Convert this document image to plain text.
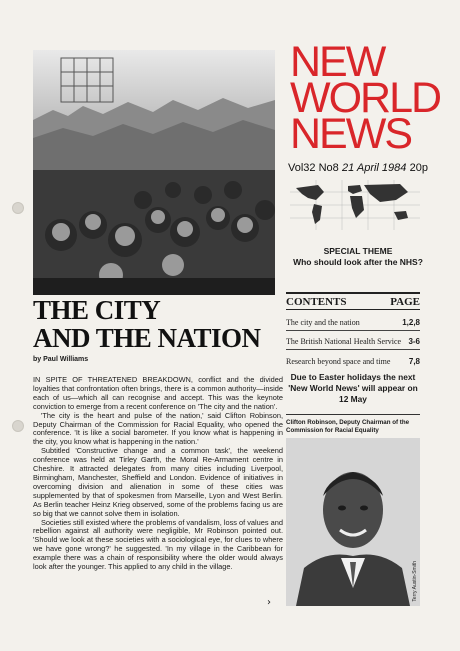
NEW
WORLD
NEWS
Vol32 No8 21 April 1984 20p
SPECIAL THEME
Who should look after the NHS?
CONTENTS	PAGE
The city and the nation	1,2,8
The British National Health Service 3-6
Research beyond space and time 7,8
Due to Easter holidays the next 'New World News' will appear on 12 May
Clifton Robinson, Deputy Chairman of the Commission for Racial Equality
Terry Austin-Smith
THE CITY
AND THE NATION
by Paul Williams

IN SPITE OF THREATENED BREAKDOWN, conflict and the divided loyalties that confrontation often brings, there is a common authority—inside each of us—which all can recognise and accept. This was the keynote conviction to emerge from a recent conference on 'The city and the nation'.

'The city is the heart and pulse of the nation,' said Clifton Robinson, Deputy Chairman of the Commission for Racial Equality, who opened the conference. 'It is like a social barometer. If you know what is happening in the city, you know what is happening in the nation.'

Subtitled 'Constructive change and a common task', the weekend conference was held at Tirley Garth, the Moral Re-Armament centre in Cheshire. It attracted delegates from many cities including Liverpool, Birmingham, Manchester, Sheffield and London. Evidence of initiatives in overcoming division and alienation in some of these cities was supplemented by that of spokesmen from Marseille, Lyon and West Berlin. As Berlin teacher Heinz Krieg observed, some of the problems facing us are so big that we cannot solve them in isolation.

Societies still existed where the problems of vandalism, loss of values and rebellion against all authority were negligible, Mr Robinson pointed out. 'Should we look at these societies with a sociological eye, for clues to where we have gone wrong?' he suggested. 'In my village in the Caribbean for example there was a chain of responsibility where the older would always look after the younger. This applied to any child in the village.

›
